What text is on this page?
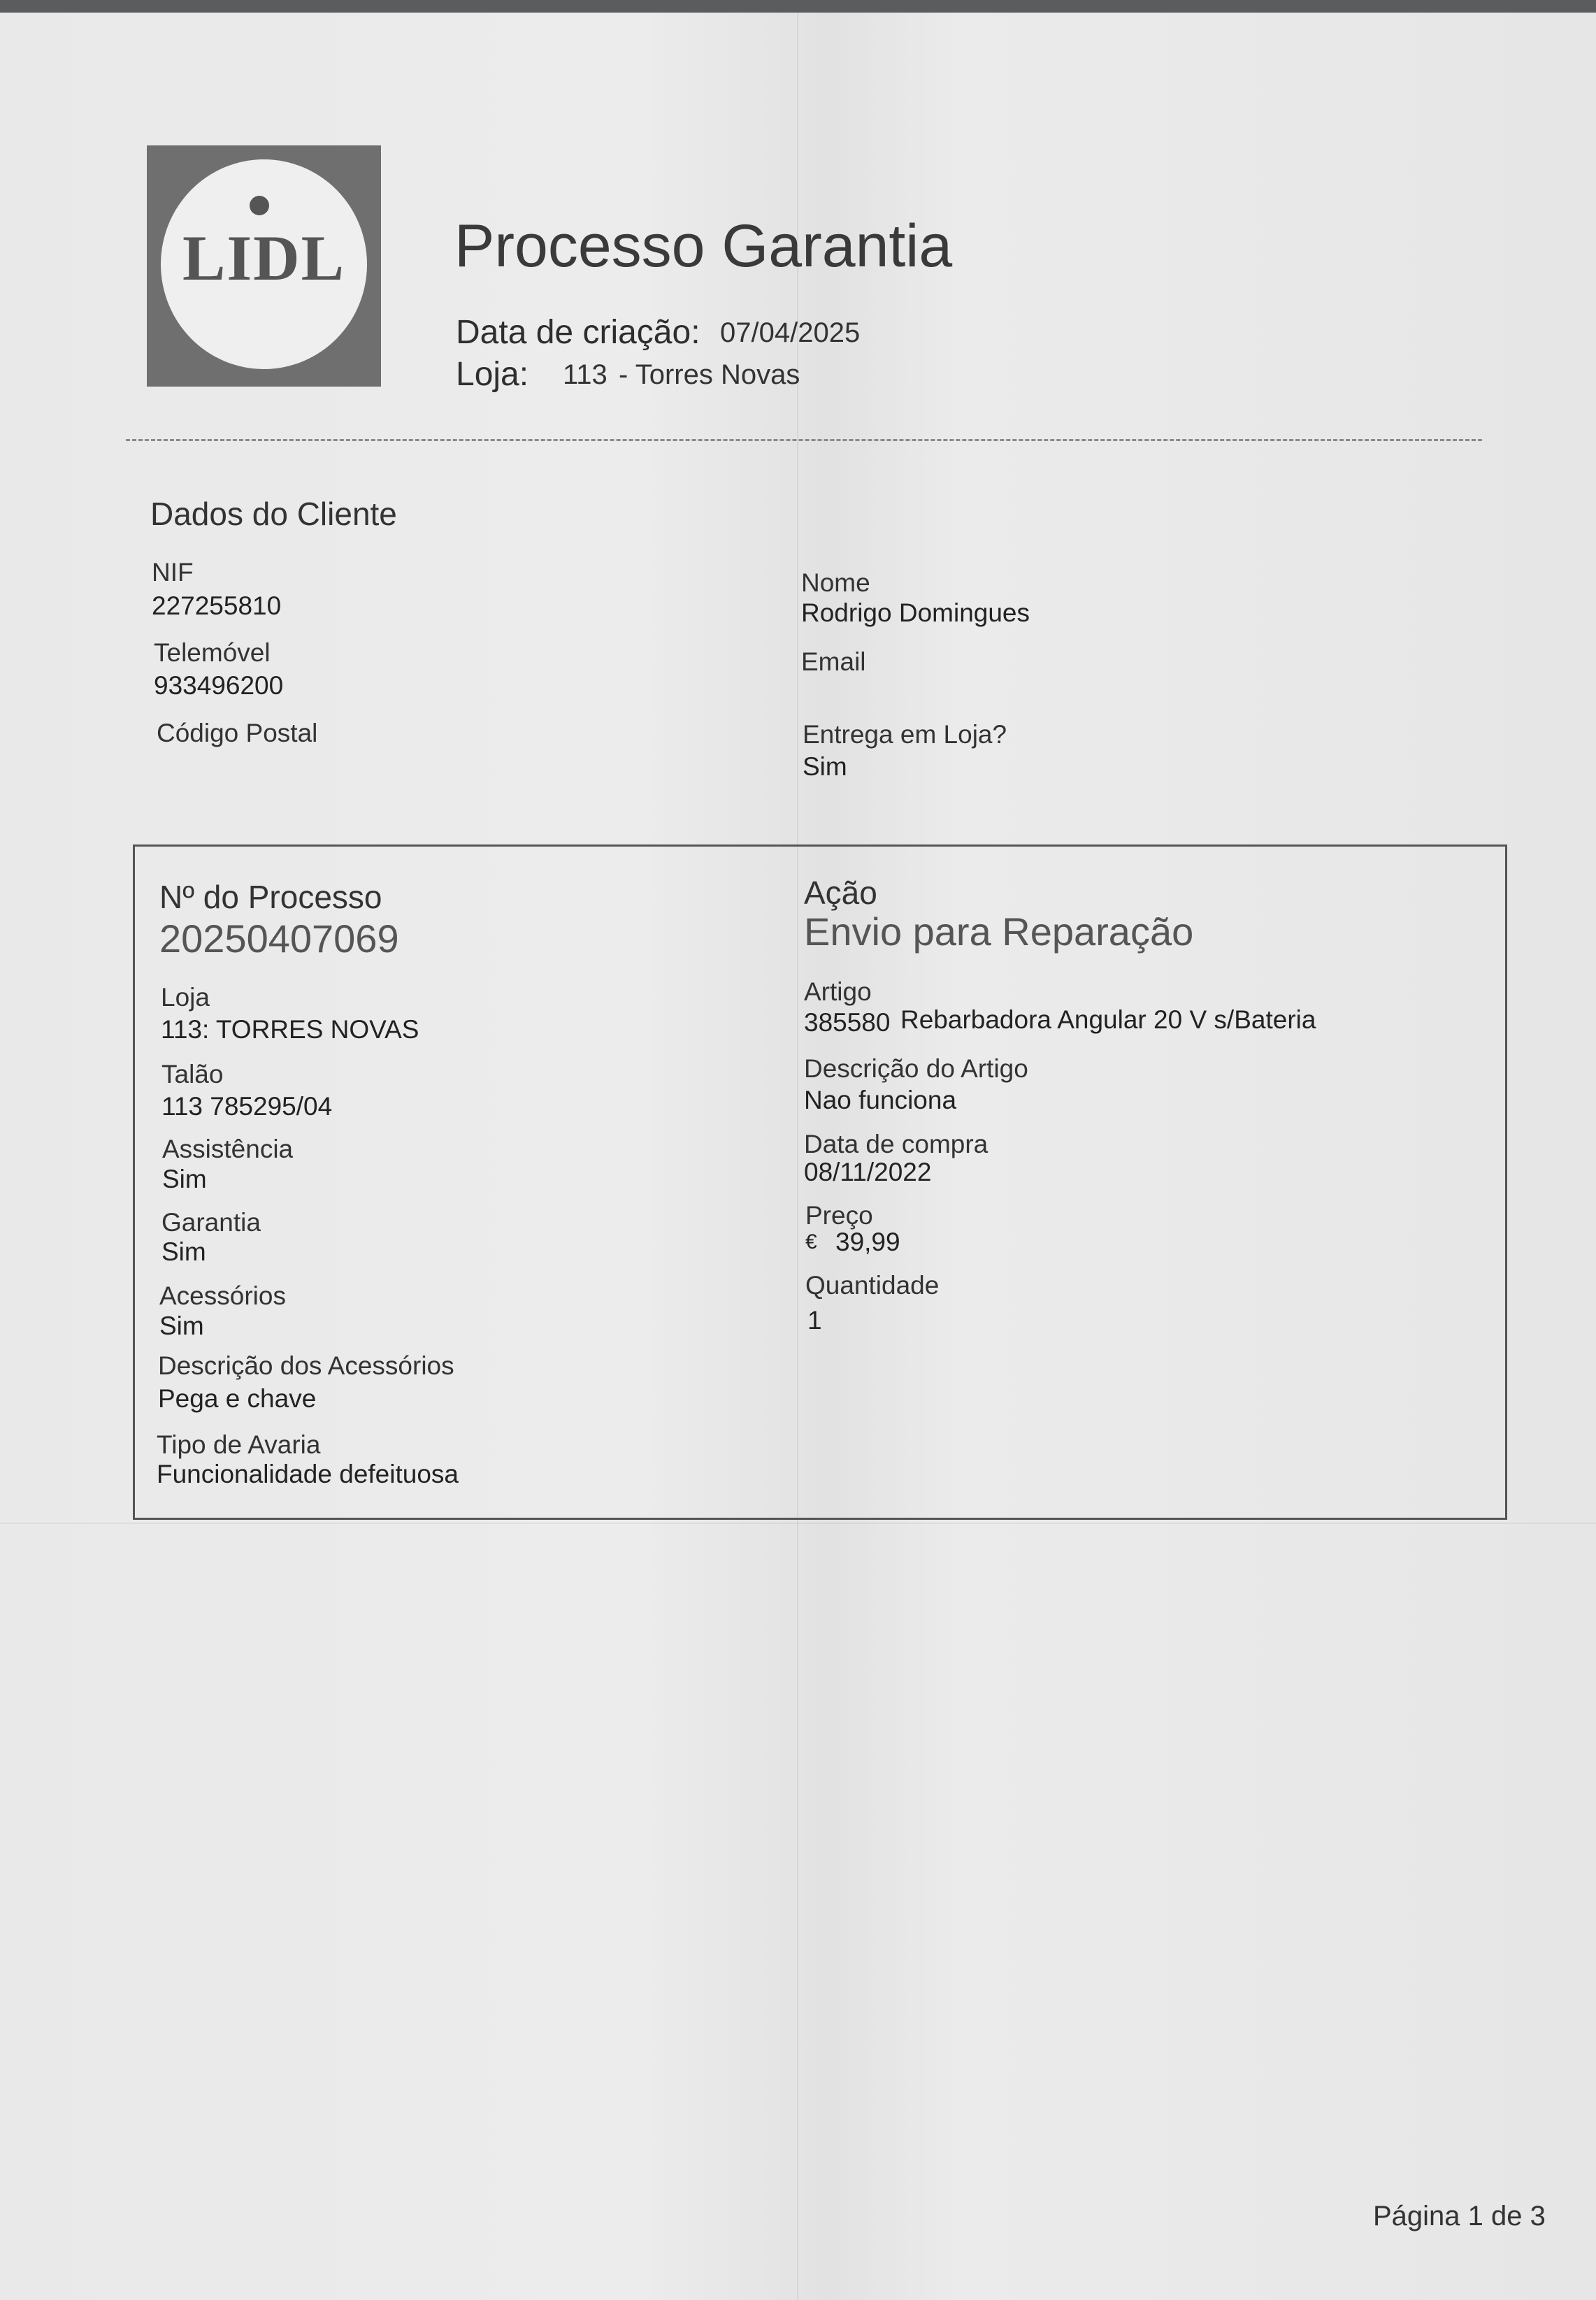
LIDL	Processo Garantia
Data de criação: 07/04/2025
Loja: 113 - Torres Novas
Dados do Cliente
NIF
227255810
Nome
Rodrigo Domingues
Telemóvel
933496200
Email
Código Postal	Entrega em Loja?
Sim
Nº do Processo
20250407069
Ação
Envio para Reparação
Loja
113: TORRES NOVAS
Artigo
385580 Rebarbadora Angular 20 V s/Bateria
Talão
113 785295/04
Descrição do Artigo
Nao funciona
Assistência
Sim
Data de compra
08/11/2022
Garantia
Sim
Preço
€ 39,99
Acessórios
Sim
Quantidade
1
Descrição dos Acessórios
Pega e chave
Tipo de Avaria
Funcionalidade defeituosa
Página 1 de 3
